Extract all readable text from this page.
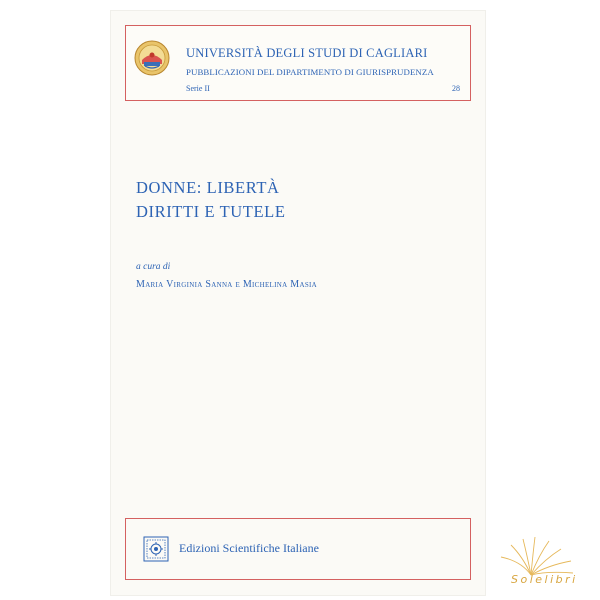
UNIVERSITÀ DEGLI STUDI DI CAGLIARI
PUBBLICAZIONI DEL DIPARTIMENTO DI GIURISPRUDENZA
Serie II	28
DONNE: LIBERTÀ
DIRITTI E TUTELE
a cura di
Maria Virginia Sanna e Michelina Masia
Edizioni Scientifiche Italiane
Solelibri
